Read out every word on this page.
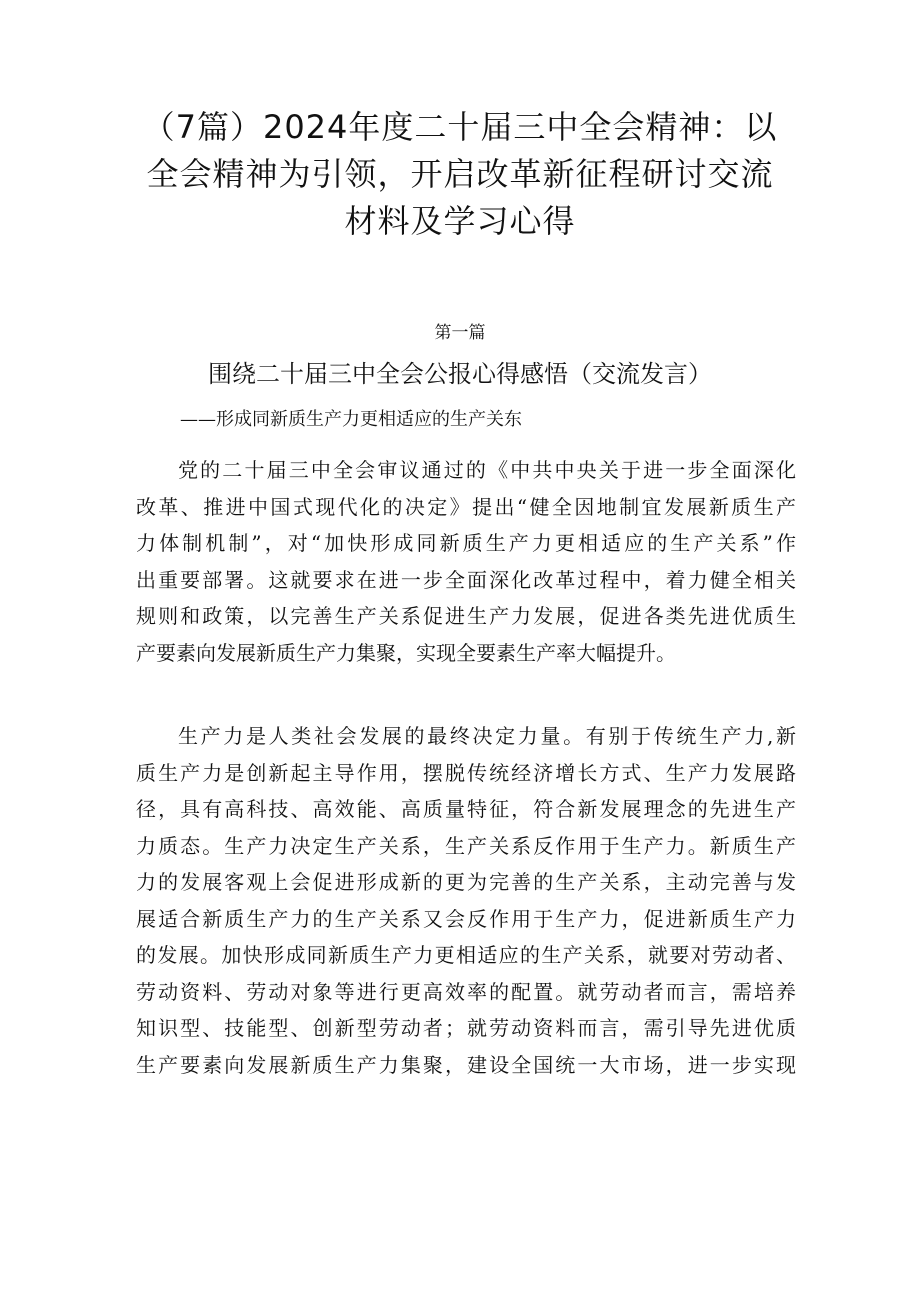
（7篇）2024年度二十届三中全会精神：以
全会精神为引领，开启改革新征程研讨交流
材料及学习心得
第一篇
围绕二十届三中全会公报心得感悟（交流发言）
——形成同新质生产力更相适应的生产关东
党的二十届三中全会审议通过的《中共中央关于进一步全面深化
改革、推进中国式现代化的决定》提出“健全因地制宜发展新质生产
力体制机制”，对“加快形成同新质生产力更相适应的生产关系”作
出重要部署。这就要求在进一步全面深化改革过程中，着力健全相关
规则和政策，以完善生产关系促进生产力发展，促进各类先进优质生
产要素向发展新质生产力集聚，实现全要素生产率大幅提升。
生产力是人类社会发展的最终决定力量。有别于传统生产力,新
质生产力是创新起主导作用，摆脱传统经济增长方式、生产力发展路
径，具有高科技、高效能、高质量特征，符合新发展理念的先进生产
力质态。生产力决定生产关系，生产关系反作用于生产力。新质生产
力的发展客观上会促进形成新的更为完善的生产关系，主动完善与发
展适合新质生产力的生产关系又会反作用于生产力，促进新质生产力
的发展。加快形成同新质生产力更相适应的生产关系，就要对劳动者、
劳动资料、劳动对象等进行更高效率的配置。就劳动者而言，需培养
知识型、技能型、创新型劳动者；就劳动资料而言，需引导先进优质
生产要素向发展新质生产力集聚，建设全国统一大市场，进一步实现
